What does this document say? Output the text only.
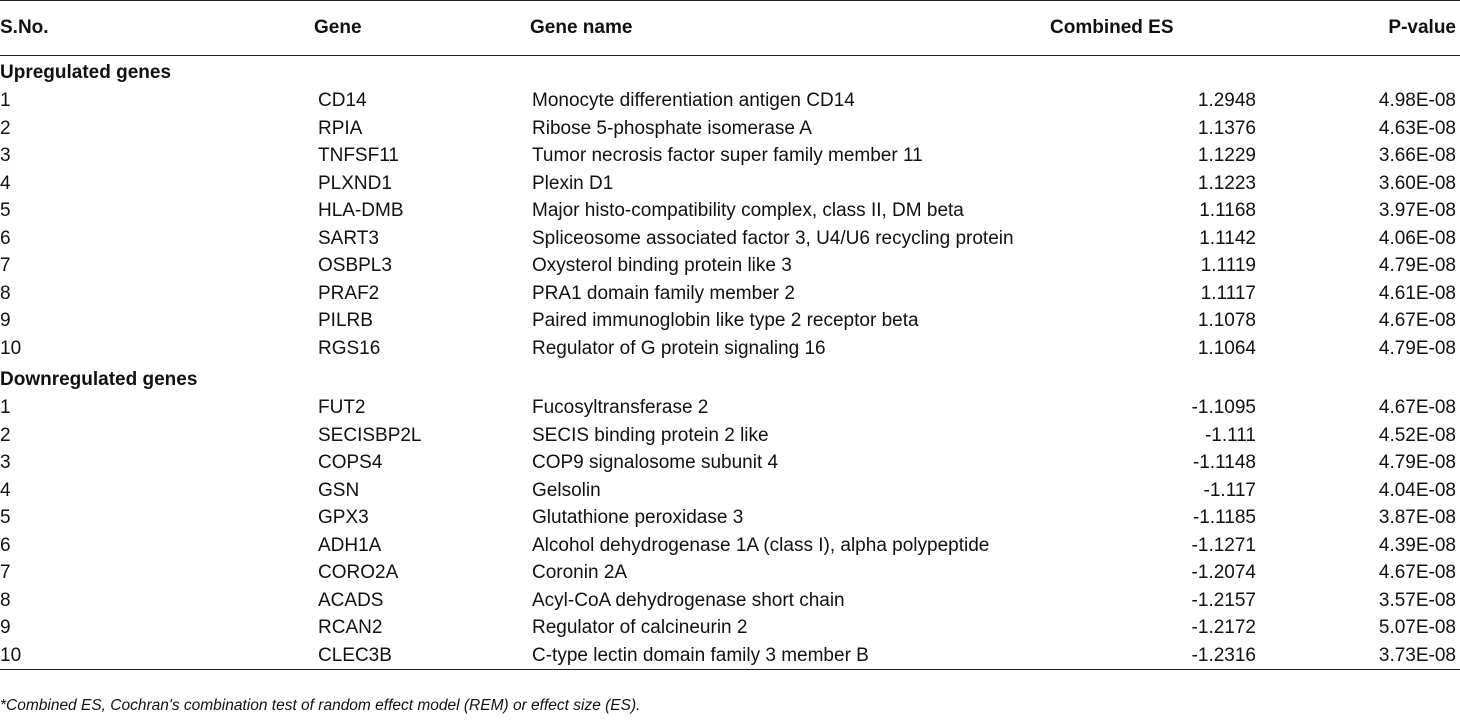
S.No.	Gene	Gene name	Combined ES	P-value
Upregulated genes				
1	CD14	Monocyte differentiation antigen CD14	1.2948	4.98E-08
2	RPIA	Ribose 5-phosphate isomerase A	1.1376	4.63E-08
3	TNFSF11	Tumor necrosis factor super family member 11	1.1229	3.66E-08
4	PLXND1	Plexin D1	1.1223	3.60E-08
5	HLA-DMB	Major histo-compatibility complex, class II, DM beta	1.1168	3.97E-08
6	SART3	Spliceosome associated factor 3, U4/U6 recycling protein	1.1142	4.06E-08
7	OSBPL3	Oxysterol binding protein like 3	1.1119	4.79E-08
8	PRAF2	PRA1 domain family member 2	1.1117	4.61E-08
9	PILRB	Paired immunoglobin like type 2 receptor beta	1.1078	4.67E-08
10	RGS16	Regulator of G protein signaling 16	1.1064	4.79E-08
Downregulated genes				
1	FUT2	Fucosyltransferase 2	-1.1095	4.67E-08
2	SECISBP2L	SECIS binding protein 2 like	-1.111	4.52E-08
3	COPS4	COP9 signalosome subunit 4	-1.1148	4.79E-08
4	GSN	Gelsolin	-1.117	4.04E-08
5	GPX3	Glutathione peroxidase 3	-1.1185	3.87E-08
6	ADH1A	Alcohol dehydrogenase 1A (class I), alpha polypeptide	-1.1271	4.39E-08
7	CORO2A	Coronin 2A	-1.2074	4.67E-08
8	ACADS	Acyl-CoA dehydrogenase short chain	-1.2157	3.57E-08
9	RCAN2	Regulator of calcineurin 2	-1.2172	5.07E-08
10	CLEC3B	C-type lectin domain family 3 member B	-1.2316	3.73E-08
*Combined ES, Cochran's combination test of random effect model (REM) or effect size (ES).
